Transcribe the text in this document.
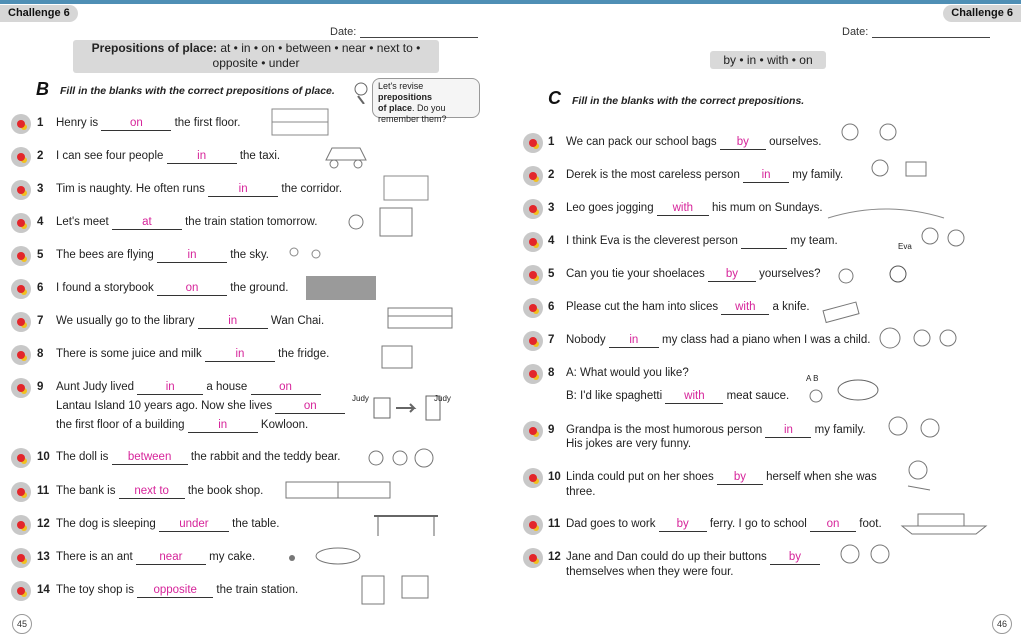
Challenge 6	Challenge 6
Date:
Prepositions of place: at • in • on • between • near • next to •
opposite • under
B Fill in the blanks with the correct prepositions of place.	Let's revise prepositions
of place. Do you
remember them?
1 Henry is	on	the first floor.
2 I can see four people	in	the taxi.
3 Tim is naughty. He often runs	in	the corridor.
4 Let's meet	at	the train station tomorrow.
5 The bees are flying	in	the sky.
6 I found a storybook	on	the ground.
7 We usually go to the library	in	Wan Chai.
8 There is some juice and milk	in	the fridge.
10 The doll is between the rabbit and the teddy bear.
11 The bank is next to the book shop.
12 The dog is sleeping under the table.
13 There is an ant near my cake.
14 The toy shop is opposite the train station.
9 Aunt Judy lived	in	a house	on
Lantau Island 10 years ago. Now she lives	on
the first floor of a building	in	Kowloon.
Judy	Judy
45
Date:
by • in • with • on
C Fill in the blanks with the correct prepositions.
1 We can pack our school bags by ourselves.
2 Derek is the most careless person in my family.
3 Leo goes jogging with his mum on Sundays.
4 I think Eva is the cleverest person	my team.
5 Can you tie your shoelaces by yourselves?
6 Please cut the ham into slices with a knife.
7 Nobody in my class had a piano when I was a child.
8 A: What would you like?
B: I'd like spaghetti with meat sauce.
A B
9 Grandpa is the most humorous person in my family.
His jokes are very funny.
10 Linda could put on her shoes by herself when she was
three.
11 Dad goes to work by ferry. I go to school on foot.
12 Jane and Dan could do up their buttons by
themselves when they were four.
Eva
46
